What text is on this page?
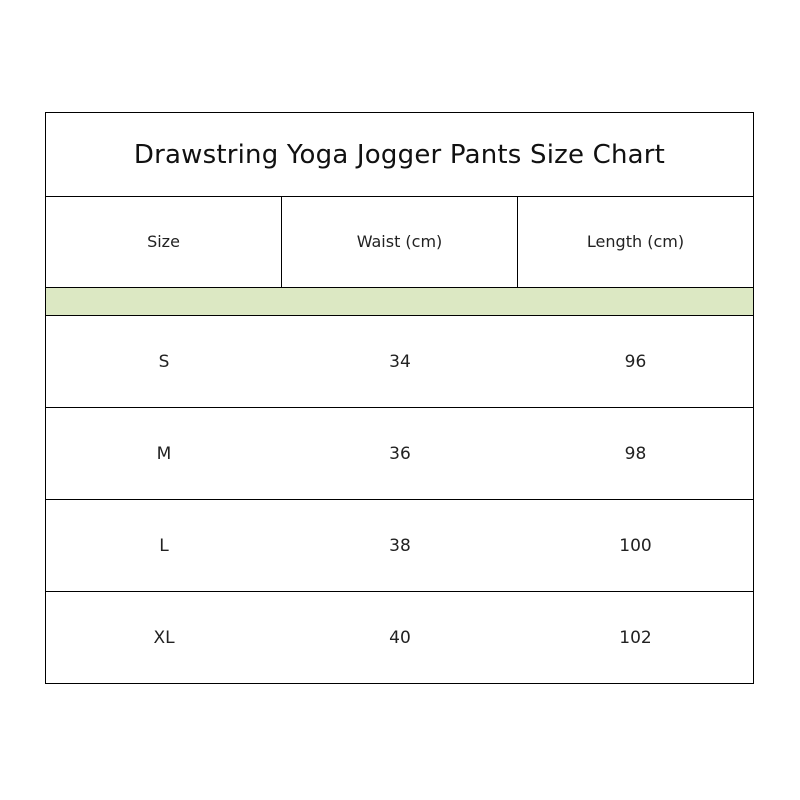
Drawstring Yoga Jogger Pants Size Chart
Size	Waist (cm)	Length (cm)
S	34	96
M	36	98
L	38	100
XL	40	102
